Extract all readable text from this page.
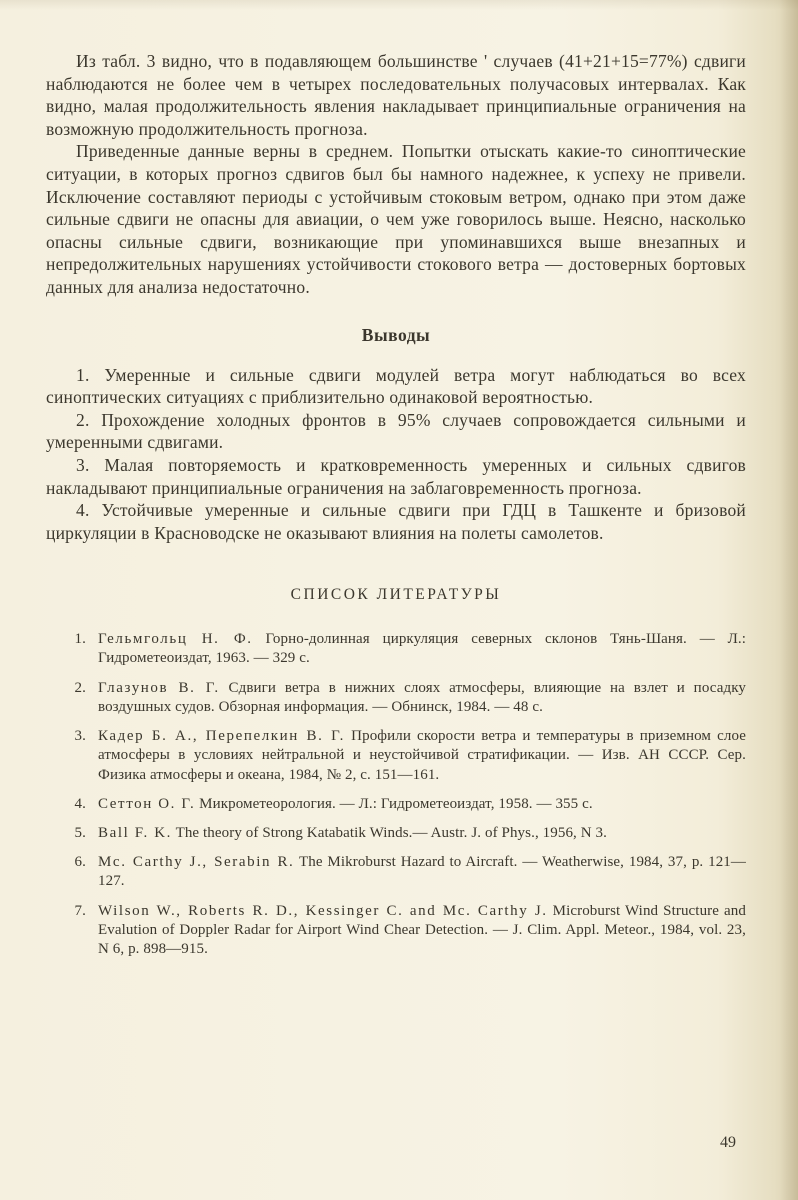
Из табл. 3 видно, что в подавляющем большинстве ' случаев (41+21+15=77%) сдвиги наблюдаются не более чем в четырех последовательных получасовых интервалах. Как видно, малая продолжительность явления накладывает принципиальные ограничения на возможную продолжительность прогноза.

Приведенные данные верны в среднем. Попытки отыскать какие-то синоптические ситуации, в которых прогноз сдвигов был бы намного надежнее, к успеху не привели. Исключение составляют периоды с устойчивым стоковым ветром, однако при этом даже сильные сдвиги не опасны для авиации, о чем уже говорилось выше. Неясно, насколько опасны сильные сдвиги, возникающие при упоминавшихся выше внезапных и непредолжительных нарушениях устойчивости стокового ветра — достоверных бортовых данных для анализа недостаточно.

Выводы

1. Умеренные и сильные сдвиги модулей ветра могут наблюдаться во всех синоптических ситуациях с приблизительно одинаковой вероятностью.

2. Прохождение холодных фронтов в 95% случаев сопровождается сильными и умеренными сдвигами.

3. Малая повторяемость и кратковременность умеренных и сильных сдвигов накладывают принципиальные ограничения на заблаговременность прогноза.

4. Устойчивые умеренные и сильные сдвиги при ГДЦ в Ташкенте и бризовой циркуляции в Красноводске не оказывают влияния на полеты самолетов.

СПИСОК ЛИТЕРАТУРЫ
1. Гельмгольц Н. Ф. Горно-долинная циркуляция северных склонов Тянь-Шаня. — Л.: Гидрометеоиздат, 1963. — 329 с.
2. Глазунов В. Г. Сдвиги ветра в нижних слоях атмосферы, влияющие на взлет и посадку воздушных судов. Обзорная информация. — Обнинск, 1984. — 48 с.
3. Кадер Б. А., Перепелкин В. Г. Профили скорости ветра и температуры в приземном слое атмосферы в условиях нейтральной и неустойчивой стратификации. — Изв. АН СССР. Сер. Физика атмосферы и океана, 1984, № 2, с. 151—161.
4. Сеттон О. Г. Микрометеорология. — Л.: Гидрометеоиздат, 1958. — 355 с.
5. Ball F. K. The theory of Strong Katabatik Winds.— Austr. J. of Phys., 1956, N 3.
6. Mc. Carthy J., Serabin R. The Mikroburst Hazard to Aircraft. — Weatherwise, 1984, 37, p. 121—127.
7. Wilson W., Roberts R. D., Kessinger C. and Mc. Carthy J. Microburst Wind Structure and Evalution of Doppler Radar for Airport Wind Chear Detection. — J. Clim. Appl. Meteor., 1984, vol. 23, N 6, p. 898—915.
49
